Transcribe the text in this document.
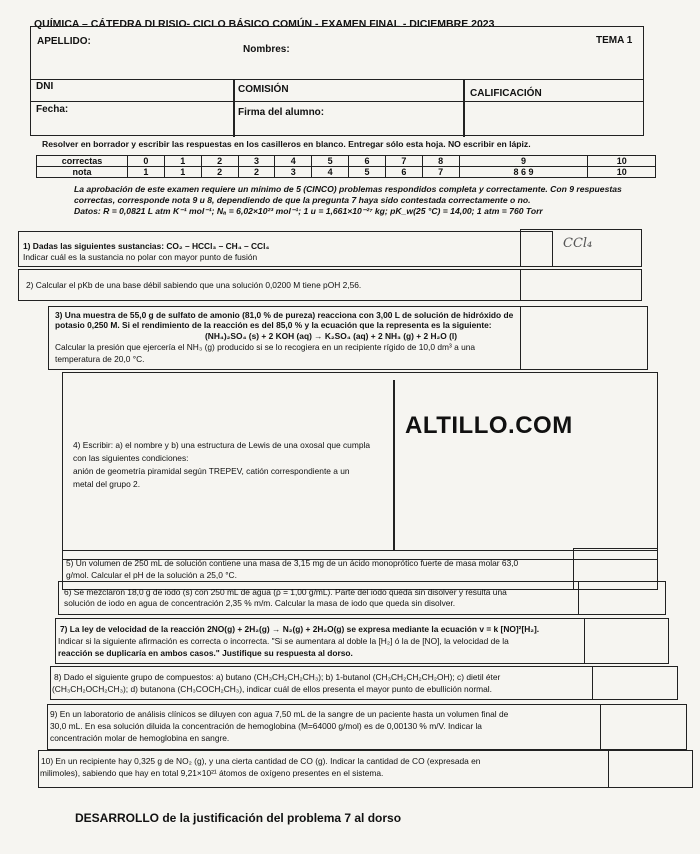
QUÍMICA – CÁTEDRA DI RISIO- CICLO BÁSICO COMÚN - EXAMEN FINAL - DICIEMBRE 2023
TEMA 1
APELLIDO:
Nombres:
DNI	COMISIÓN	CALIFICACIÓN
Fecha:	Firma del alumno:
Resolver en borrador y escribir las respuestas en los casilleros en blanco. Entregar sólo esta hoja. NO escribir en lápiz.
correctas	0	1	2	3	4	5	6	7	8	9	10
nota	1	1	2	2	3	4	5	6	7	8 6 9	10
La aprobación de este examen requiere un mínimo de 5 (CINCO) problemas respondidos completa y correctamente. Con 9 respuestas
correctas, corresponde nota 9 u 8, dependiendo de que la pregunta 7 haya sido contestada correctamente o no.
Datos: R = 0,0821 L atm K⁻¹ mol⁻¹; Nₐ = 6,02×10²³ mol⁻¹; 1 u = 1,661×10⁻²⁷ kg; pK_w(25 °C) = 14,00; 1 atm = 760 Torr
1) Dadas las siguientes sustancias: CO₂ – HCCl₃ – CH₄ – CCl₄
Indicar cuál es la sustancia no polar con mayor punto de fusión
CCl₄
2) Calcular el pKb de una base débil sabiendo que una solución 0,0200 M tiene pOH 2,56.
3) Una muestra de 55,0 g de sulfato de amonio (81,0 % de pureza) reacciona con 3,00 L de solución de hidróxido de
potasio 0,250 M. Si el rendimiento de la reacción es del 85,0 % y la ecuación que la representa es la siguiente:
(NH₄)₂SO₄ (s) + 2 KOH (aq) → K₂SO₄ (aq) + 2 NH₃ (g) + 2 H₂O (l)
Calcular la presión que ejercería el NH₃ (g) producido si se lo recogiera en un recipiente rígido de 10,0 dm³ a una
temperatura de 20,0 °C.
4) Escribir: a) el nombre y b) una estructura de Lewis de una oxosal que cumpla
con las siguientes condiciones:
anión de geometría piramidal según TREPEV, catión correspondiente a un
metal del grupo 2.
ALTILLO.COM
5) Un volumen de 250 mL de solución contiene una masa de 3,15 mg de un ácido monoprótico fuerte de masa molar 63,0
g/mol. Calcular el pH de la solución a 25,0 °C.
6) Se mezclaron 18,0 g de iodo (s) con 250 mL de agua (ρ = 1,00 g/mL). Parte del iodo queda sin disolver y resulta una
solución de iodo en agua de concentración 2,35 % m/m. Calcular la masa de iodo que queda sin disolver.
7) La ley de velocidad de la reacción 2NO(g) + 2H₂(g) → N₂(g) + 2H₂O(g) se expresa mediante la ecuación v = k [NO]²[H₂].
Indicar si la siguiente afirmación es correcta o incorrecta. "Si se aumentara al doble la [H₂] ó la de [NO], la velocidad de la
reacción se duplicaría en ambos casos." Justifique su respuesta al dorso.
8) Dado el siguiente grupo de compuestos: a) butano (CH₃CH₂CH₂CH₃); b) 1-butanol (CH₃CH₂CH₂CH₂OH); c) dietil éter
(CH₃CH₂OCH₂CH₃); d) butanona (CH₃COCH₂CH₃), indicar cuál de ellos presenta el mayor punto de ebullición normal.
9) En un laboratorio de análisis clínicos se diluyen con agua 7,50 mL de la sangre de un paciente hasta un volumen final de
30,0 mL. En esa solución diluida la concentración de hemoglobina (M=64000 g/mol) es de 0,00130 % m/V. Indicar la
concentración molar de hemoglobina en sangre.
10) En un recipiente hay 0,325 g de NO₂ (g), y una cierta cantidad de CO (g). Indicar la cantidad de CO (expresada en
milimoles), sabiendo que hay en total 9,21×10²¹ átomos de oxígeno presentes en el sistema.
DESARROLLO de la justificación del problema 7 al dorso
